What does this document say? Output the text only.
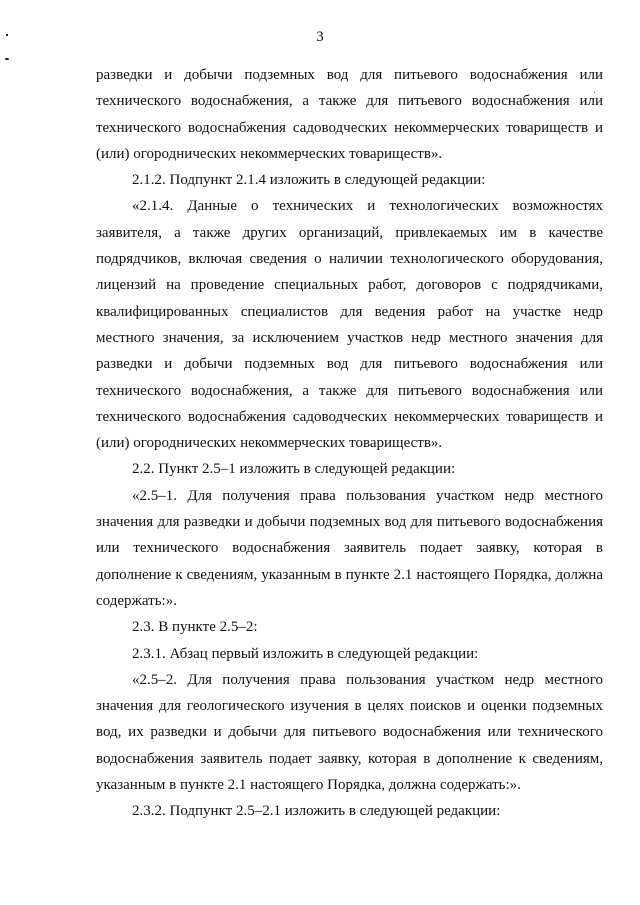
3

разведки и добычи подземных вод для питьевого водоснабжения или технического водоснабжения, а также для питьевого водоснабжения или технического водоснабжения садоводческих некоммерческих товариществ и (или) огороднических некоммерческих товариществ».

2.1.2. Подпункт 2.1.4 изложить в следующей редакции:

«2.1.4. Данные о технических и технологических возможностях заявителя, а также других организаций, привлекаемых им в качестве подрядчиков, включая сведения о наличии технологического оборудования, лицензий на проведение специальных работ, договоров с подрядчиками, квалифицированных специалистов для ведения работ на участке недр местного значения, за исключением участков недр местного значения для разведки и добычи подземных вод для питьевого водоснабжения или технического водоснабжения, а также для питьевого водоснабжения или технического водоснабжения садоводческих некоммерческих товариществ и (или) огороднических некоммерческих товариществ».

2.2. Пункт 2.5–1 изложить в следующей редакции:

«2.5–1. Для получения права пользования участком недр местного значения для разведки и добычи подземных вод для питьевого водоснабжения или технического водоснабжения заявитель подает заявку, которая в дополнение к сведениям, указанным в пункте 2.1 настоящего Порядка, должна содержать:».

2.3. В пункте 2.5–2:

2.3.1. Абзац первый изложить в следующей редакции:

«2.5–2. Для получения права пользования участком недр местного значения для геологического изучения в целях поисков и оценки подземных вод, их разведки и добычи для питьевого водоснабжения или технического водоснабжения заявитель подает заявку, которая в дополнение к сведениям, указанным в пункте 2.1 настоящего Порядка, должна содержать:».

2.3.2. Подпункт 2.5–2.1 изложить в следующей редакции:
